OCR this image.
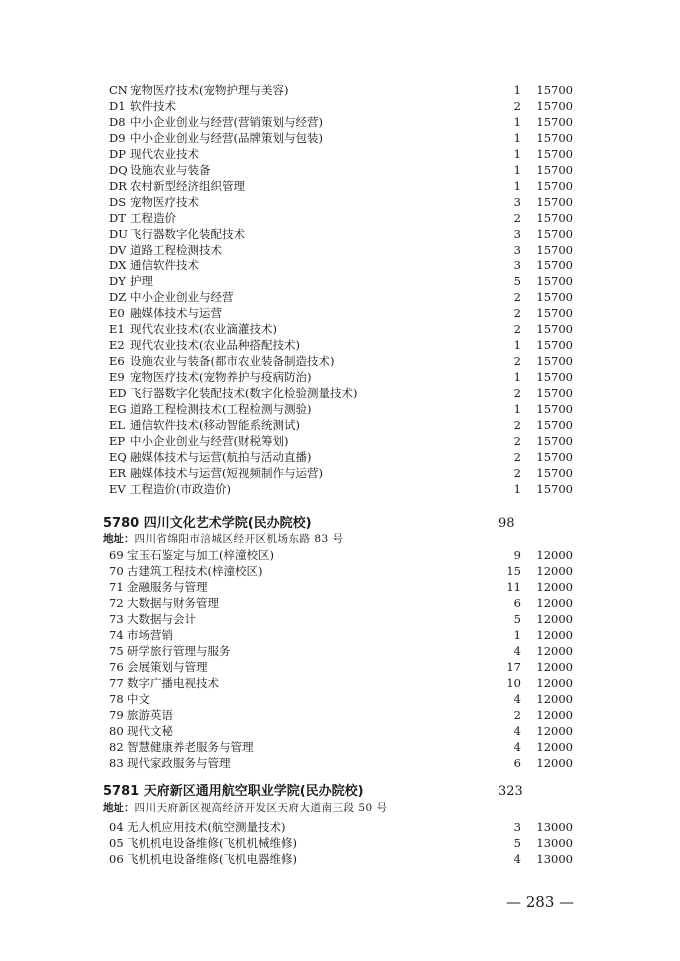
CN 宠物医疗技术(宠物护理与美容)	1	15700
D1 软件技术	2	15700
D8 中小企业创业与经营(营销策划与经营)	1	15700
D9 中小企业创业与经营(品牌策划与包装)	1	15700
DP 现代农业技术	1	15700
DQ 设施农业与装备	1	15700
DR 农村新型经济组织管理	1	15700
DS 宠物医疗技术	3	15700
DT 工程造价	2	15700
DU 飞行器数字化装配技术	3	15700
DV 道路工程检测技术	3	15700
DX 通信软件技术	3	15700
DY 护理	5	15700
DZ 中小企业创业与经营	2	15700
E0 融媒体技术与运营	2	15700
E1 现代农业技术(农业滴灌技术)	2	15700
E2 现代农业技术(农业品种搭配技术)	1	15700
E6 设施农业与装备(都市农业装备制造技术)	2	15700
E9 宠物医疗技术(宠物养护与疫病防治)	1	15700
ED 飞行器数字化装配技术(数字化检验测量技术)	2	15700
EG 道路工程检测技术(工程检测与测验)	1	15700
EL 通信软件技术(移动智能系统测试)	2	15700
EP 中小企业创业与经营(财税筹划)	2	15700
EQ 融媒体技术与运营(航拍与活动直播)	2	15700
ER 融媒体技术与运营(短视频制作与运营)	2	15700
EV 工程造价(市政造价)	1	15700
5780 四川文化艺术学院(民办院校)	98
地址：四川省绵阳市涪城区经开区机场东路 83 号
69 宝玉石鉴定与加工(梓潼校区)	9	12000
70 古建筑工程技术(梓潼校区)	15	12000
71 金融服务与管理	11	12000
72 大数据与财务管理	6	12000
73 大数据与会计	5	12000
74 市场营销	1	12000
75 研学旅行管理与服务	4	12000
76 会展策划与管理	17	12000
77 数字广播电视技术	10	12000
78 中文	4	12000
79 旅游英语	2	12000
80 现代文秘	4	12000
82 智慧健康养老服务与管理	4	12000
83 现代家政服务与管理	6	12000
5781 天府新区通用航空职业学院(民办院校)	323
地址：四川天府新区视高经济开发区天府大道南三段 50 号
04 无人机应用技术(航空测量技术)	3	13000
05 飞机机电设备维修(飞机机械维修)	5	13000
06 飞机机电设备维修(飞机电器维修)	4	13000
— 283 —
